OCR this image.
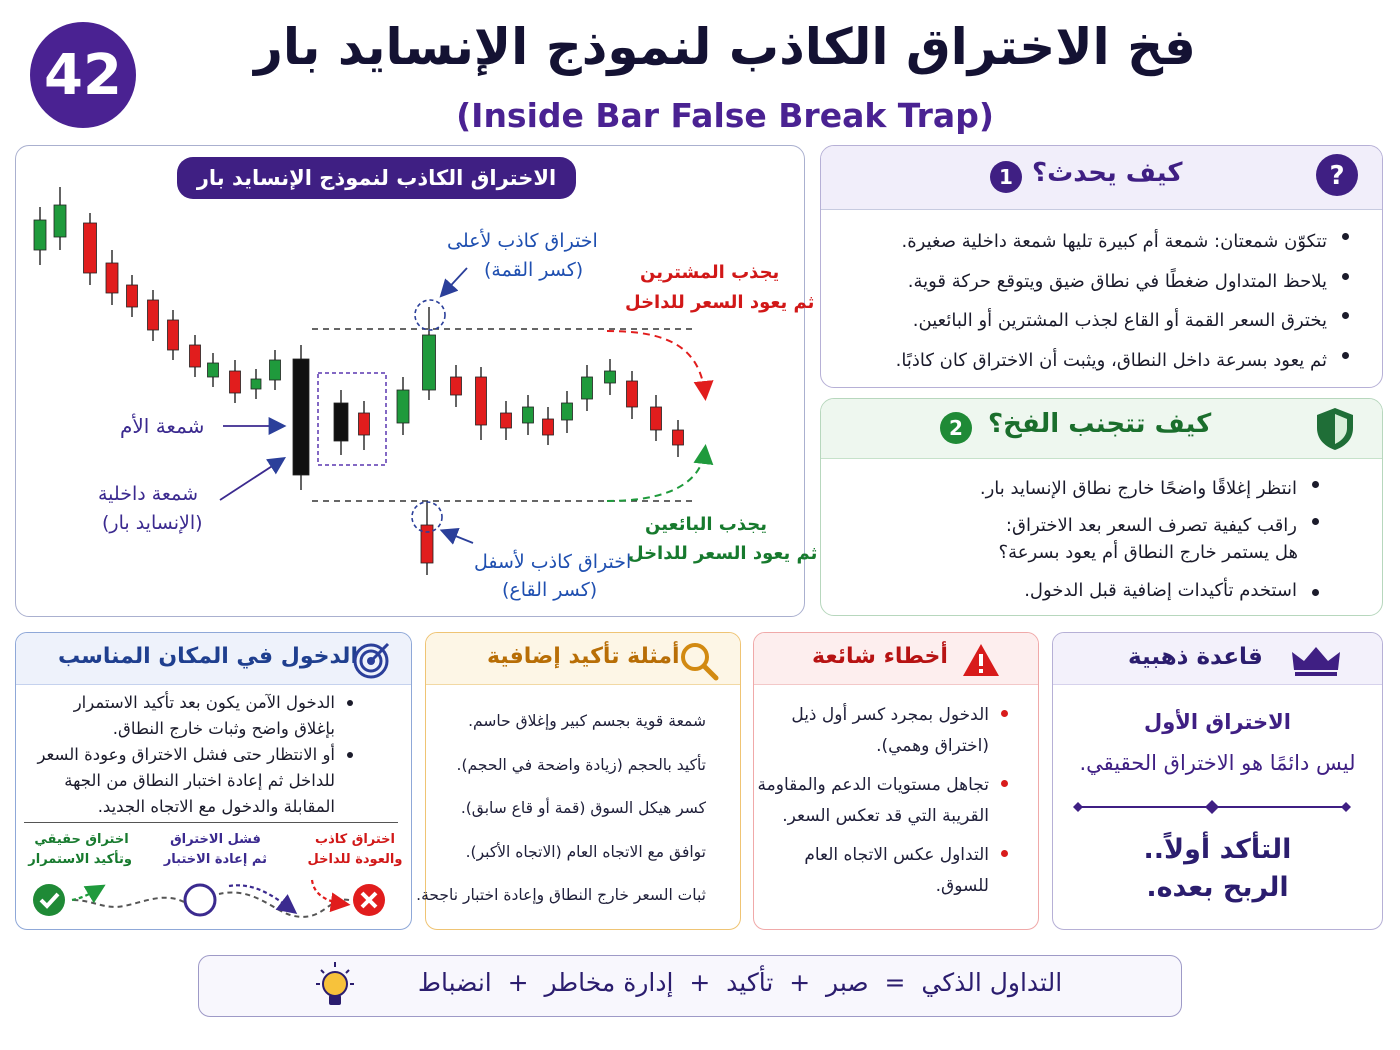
42	فخ الاختراق الكاذب لنموذج الإنسايد بار
(Inside Bar False Break Trap)
الاختراق الكاذب لنموذج الإنسايد بار
اختراق كاذب لأعلى
(كسر القمة)	يجذب المشترين
ثم يعود السعر للداخل
شمعة الأم
شمعة داخلية
(الإنسايد بار)	يجذب البائعين
ثم يعود السعر للداخل
اختراق كاذب لأسفل
(كسر القاع)
1 كيف يحدث؟	?
تتكوّن شمعتان: شمعة أم كبيرة تليها شمعة داخلية صغيرة.
يلاحظ المتداول ضغطًا في نطاق ضيق ويتوقع حركة قوية.
يخترق السعر القمة أو القاع لجذب المشترين أو البائعين.
ثم يعود بسرعة داخل النطاق، ويثبت أن الاختراق كان كاذبًا.
2 كيف تتجنب الفخ؟
انتظر إغلاقًا واضحًا خارج نطاق الإنسايد بار.
راقب كيفية تصرف السعر بعد الاختراق:
هل يستمر خارج النطاق أم يعود بسرعة؟
استخدم تأكيدات إضافية قبل الدخول.
الدخول في المكان المناسب
الدخول الآمن يكون بعد تأكيد الاستمرار
بإغلاق واضح وثبات خارج النطاق.
أو الانتظار حتى فشل الاختراق وعودة السعر
للداخل ثم إعادة اختبار النطاق من الجهة
المقابلة والدخول مع الاتجاه الجديد.
اختراق حقيقي
وتأكيد الاستمرار
فشل الاختراق
ثم إعادة الاختبار
اختراق كاذب
والعودة للداخل
أمثلة تأكيد إضافية
شمعة قوية بجسم كبير وإغلاق حاسم.
تأكيد بالحجم (زيادة واضحة في الحجم).
كسر هيكل السوق (قمة أو قاع سابق).
توافق مع الاتجاه العام (الاتجاه الأكبر).
ثبات السعر خارج النطاق وإعادة اختبار ناجحة.
أخطاء شائعة
الدخول بمجرد كسر أول ذيل
(اختراق وهمي).
تجاهل مستويات الدعم والمقاومة
القريبة التي قد تعكس السعر.
التداول عكس الاتجاه العام
للسوق.
قاعدة ذهبية
الاختراق الأول
ليس دائمًا هو الاختراق الحقيقي.
التأكد أولاً..
الربح بعده.
التداول الذكي  =  صبر  +  تأكيد  +  إدارة مخاطر  +  انضباط
